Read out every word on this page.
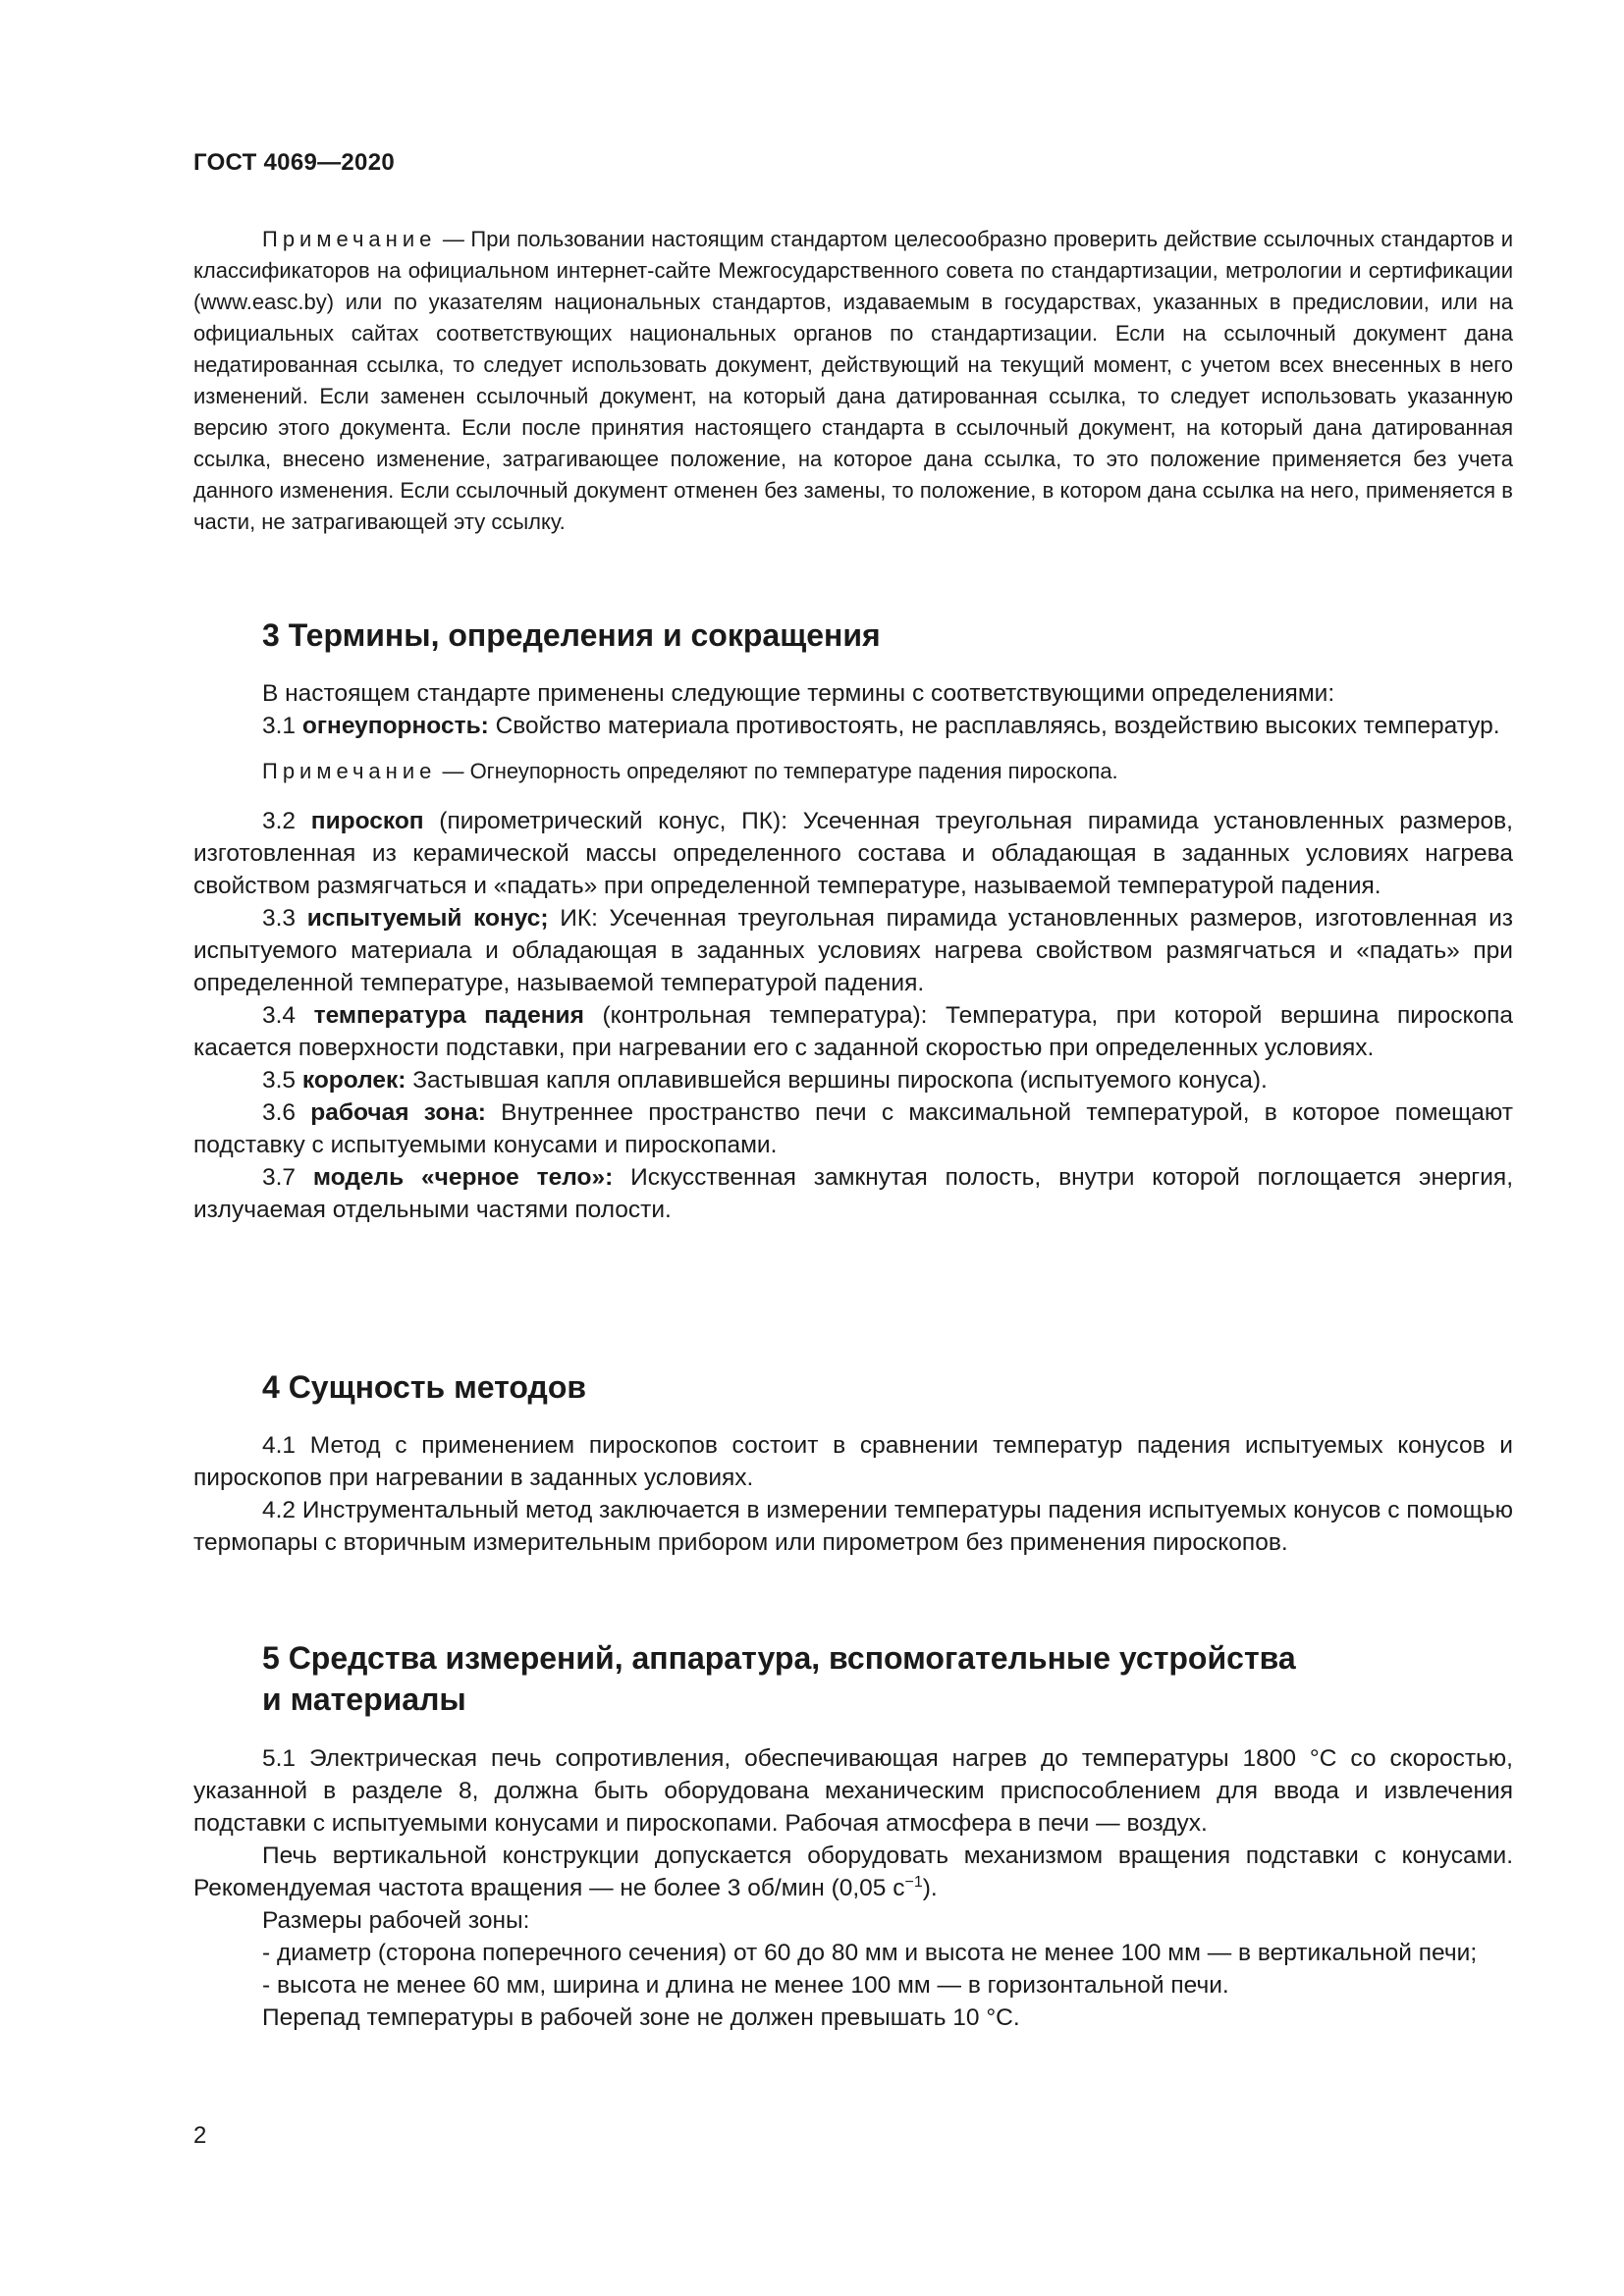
ГОСТ 4069—2020
Примечание — При пользовании настоящим стандартом целесообразно проверить действие ссылочных стандартов и классификаторов на официальном интернет-сайте Межгосударственного совета по стандартизации, метрологии и сертификации (www.easc.by) или по указателям национальных стандартов, издаваемым в государствах, указанных в предисловии, или на официальных сайтах соответствующих национальных органов по стандартизации. Если на ссылочный документ дана недатированная ссылка, то следует использовать документ, действующий на текущий момент, с учетом всех внесенных в него изменений. Если заменен ссылочный документ, на который дана датированная ссылка, то следует использовать указанную версию этого документа. Если после принятия настоящего стандарта в ссылочный документ, на который дана датированная ссылка, внесено изменение, затрагивающее положение, на которое дана ссылка, то это положение применяется без учета данного изменения. Если ссылочный документ отменен без замены, то положение, в котором дана ссылка на него, применяется в части, не затрагивающей эту ссылку.
3 Термины, определения и сокращения

В настоящем стандарте применены следующие термины с соответствующими определениями:

3.1 огнеупорность: Свойство материала противостоять, не расплавляясь, воздействию высоких температур.

Примечание — Огнеупорность определяют по температуре падения пироскопа.

3.2 пироскоп (пирометрический конус, ПК): Усеченная треугольная пирамида установленных размеров, изготовленная из керамической массы определенного состава и обладающая в заданных условиях нагрева свойством размягчаться и «падать» при определенной температуре, называемой температурой падения.

3.3 испытуемый конус; ИК: Усеченная треугольная пирамида установленных размеров, изготовленная из испытуемого материала и обладающая в заданных условиях нагрева свойством размягчаться и «падать» при определенной температуре, называемой температурой падения.

3.4 температура падения (контрольная температура): Температура, при которой вершина пироскопа касается поверхности подставки, при нагревании его с заданной скоростью при определенных условиях.

3.5 королек: Застывшая капля оплавившейся вершины пироскопа (испытуемого конуса).

3.6 рабочая зона: Внутреннее пространство печи с максимальной температурой, в которое помещают подставку с испытуемыми конусами и пироскопами.

3.7 модель «черное тело»: Искусственная замкнутая полость, внутри которой поглощается энергия, излучаемая отдельными частями полости.

4 Сущность методов

4.1 Метод с применением пироскопов состоит в сравнении температур падения испытуемых конусов и пироскопов при нагревании в заданных условиях.

4.2 Инструментальный метод заключается в измерении температуры падения испытуемых конусов с помощью термопары с вторичным измерительным прибором или пирометром без применения пироскопов.

5 Средства измерений, аппаратура, вспомогательные устройства
и материалы

5.1 Электрическая печь сопротивления, обеспечивающая нагрев до температуры 1800 °С со скоростью, указанной в разделе 8, должна быть оборудована механическим приспособлением для ввода и извлечения подставки с испытуемыми конусами и пироскопами. Рабочая атмосфера в печи — воздух.

Печь вертикальной конструкции допускается оборудовать механизмом вращения подставки с конусами. Рекомендуемая частота вращения — не более 3 об/мин (0,05 $с^{-1}$).

Размеры рабочей зоны:

- диаметр (сторона поперечного сечения) от 60 до 80 мм и высота не менее 100 мм — в вертикальной печи;

- высота не менее 60 мм, ширина и длина не менее 100 мм — в горизонтальной печи.

Перепад температуры в рабочей зоне не должен превышать 10 °С.

2
